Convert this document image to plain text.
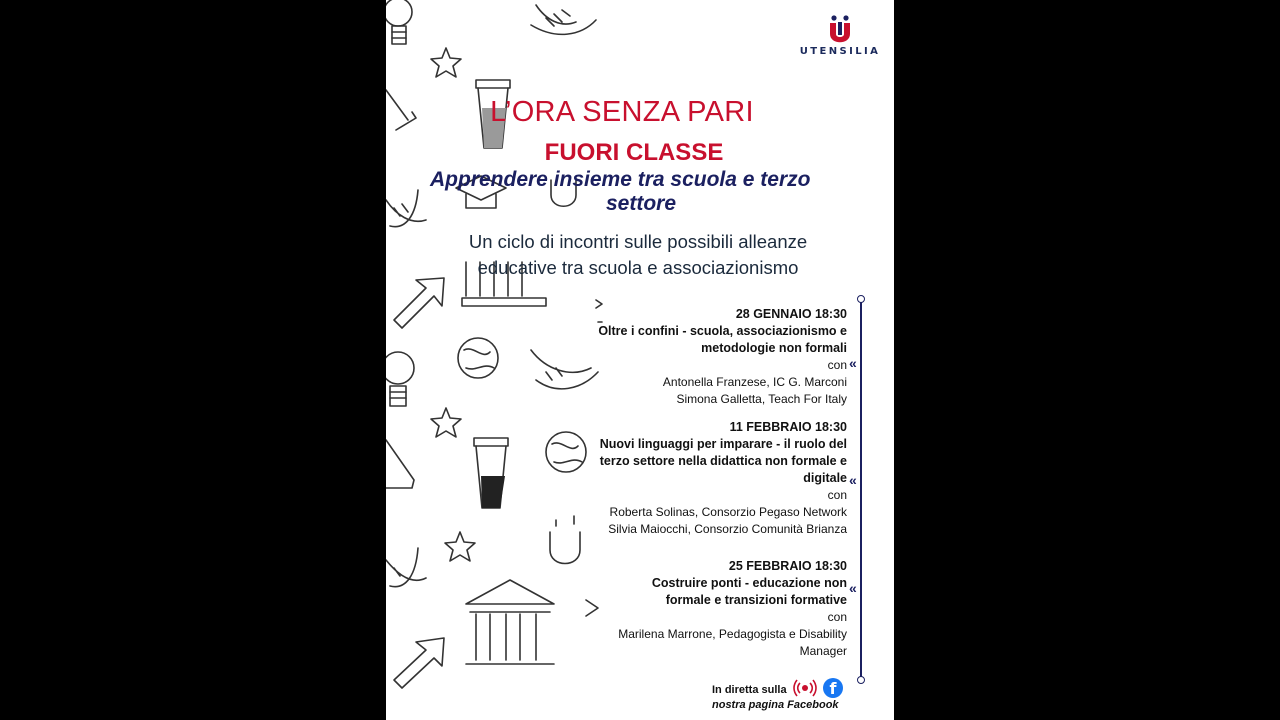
UTENSILIA
L’ORA SENZA PARI
FUORI CLASSE
Apprendere insieme tra scuola e terzo
settore
Un ciclo di incontri sulle possibili alleanze
educative tra scuola e associazionismo
«
«
«
28 GENNAIO 18:30
Oltre i confini - scuola, associazionismo e
metodologie non formali
con
Antonella Franzese, IC G. Marconi
Simona Galletta, Teach For Italy
11 FEBBRAIO 18:30
Nuovi linguaggi per imparare - il ruolo del
terzo settore nella didattica non formale e
digitale
con
Roberta Solinas, Consorzio Pegaso Network
Silvia Maiocchi, Consorzio Comunità Brianza
25 FEBBRAIO 18:30
Costruire ponti - educazione non
formale e transizioni formative
con
Marilena Marrone, Pedagogista e Disability
Manager
In diretta sulla
nostra pagina Facebook
f
